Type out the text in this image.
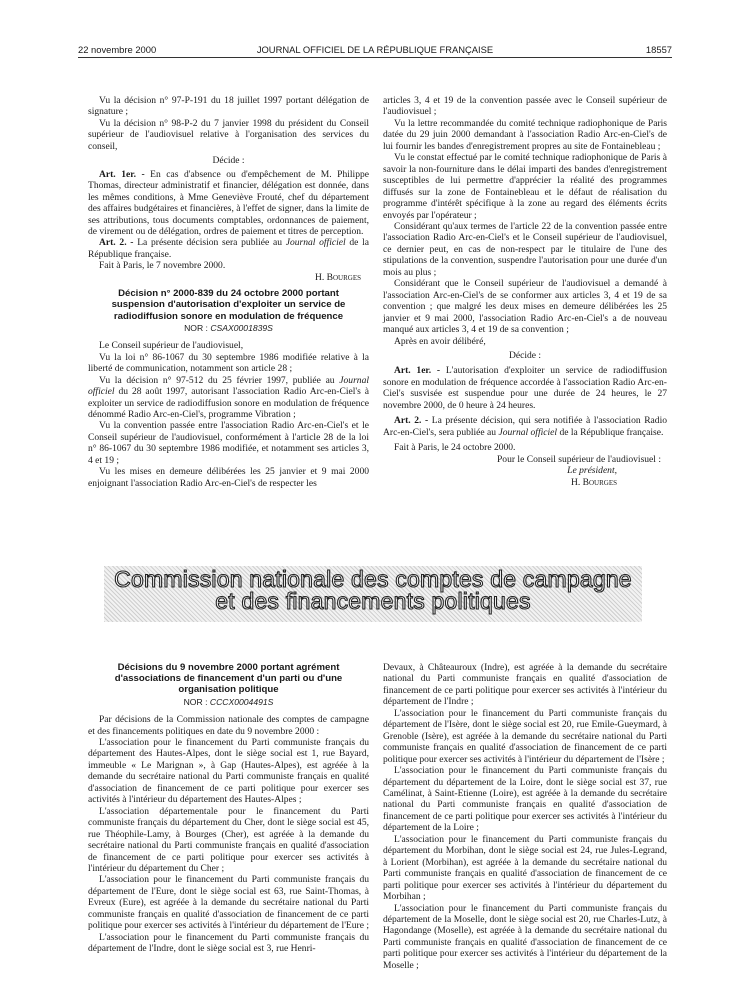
22 novembre 2000	JOURNAL OFFICIEL DE LA RÉPUBLIQUE FRANÇAISE	18557

Vu la décision n° 97-P-191 du 18 juillet 1997 portant délégation de signature ;

Vu la décision n° 98-P-2 du 7 janvier 1998 du président du Conseil supérieur de l'audiovisuel relative à l'organisation des services du conseil,

Décide :

Art. 1er. - En cas d'absence ou d'empêchement de M. Philippe Thomas, directeur administratif et financier, délégation est donnée, dans les mêmes conditions, à Mme Geneviève Frouté, chef du département des affaires budgétaires et financières, à l'effet de signer, dans la limite de ses attributions, tous documents comptables, ordonnances de paiement, de virement ou de délégation, ordres de paiement et titres de perception.

Art. 2. - La présente décision sera publiée au Journal officiel de la République française.

Fait à Paris, le 7 novembre 2000.

H. Bourges
Décision n° 2000-839 du 24 octobre 2000 portant suspension d'autorisation d'exploiter un service de radiodiffusion sonore en modulation de fréquence
NOR : CSAX0001839S

Le Conseil supérieur de l'audiovisuel,

Vu la loi n° 86-1067 du 30 septembre 1986 modifiée relative à la liberté de communication, notamment son article 28 ;

Vu la décision n° 97-512 du 25 février 1997, publiée au Journal officiel du 28 août 1997, autorisant l'association Radio Arc-en-Ciel's à exploiter un service de radiodiffusion sonore en modulation de fréquence dénommé Radio Arc-en-Ciel's, programme Vibration ;

Vu la convention passée entre l'association Radio Arc-en-Ciel's et le Conseil supérieur de l'audiovisuel, conformément à l'article 28 de la loi n° 86-1067 du 30 septembre 1986 modifiée, et notamment ses articles 3, 4 et 19 ;

Vu les mises en demeure délibérées les 25 janvier et 9 mai 2000 enjoignant l'association Radio Arc-en-Ciel's de respecter les

articles 3, 4 et 19 de la convention passée avec le Conseil supérieur de l'audiovisuel ;

Vu la lettre recommandée du comité technique radiophonique de Paris datée du 29 juin 2000 demandant à l'association Radio Arc-en-Ciel's de lui fournir les bandes d'enregistrement propres au site de Fontainebleau ;

Vu le constat effectué par le comité technique radiophonique de Paris à savoir la non-fourniture dans le délai imparti des bandes d'enregistrement susceptibles de lui permettre d'apprécier la réalité des programmes diffusés sur la zone de Fontainebleau et le défaut de réalisation du programme d'intérêt spécifique à la zone au regard des éléments écrits envoyés par l'opérateur ;

Considérant qu'aux termes de l'article 22 de la convention passée entre l'association Radio Arc-en-Ciel's et le Conseil supérieur de l'audiovisuel, ce dernier peut, en cas de non-respect par le titulaire de l'une des stipulations de la convention, suspendre l'autorisation pour une durée d'un mois au plus ;

Considérant que le Conseil supérieur de l'audiovisuel a demandé à l'association Arc-en-Ciel's de se conformer aux articles 3, 4 et 19 de sa convention ; que malgré les deux mises en demeure délibérées les 25 janvier et 9 mai 2000, l'association Radio Arc-en-Ciel's a de nouveau manqué aux articles 3, 4 et 19 de sa convention ;

Après en avoir délibéré,

Décide :

Art. 1er. - L'autorisation d'exploiter un service de radiodiffusion sonore en modulation de fréquence accordée à l'association Radio Arc-en-Ciel's susvisée est suspendue pour une durée de 24 heures, le 27 novembre 2000, de 0 heure à 24 heures.

Art. 2. - La présente décision, qui sera notifiée à l'association Radio Arc-en-Ciel's, sera publiée au Journal officiel de la République française.

Fait à Paris, le 24 octobre 2000.

Pour le Conseil supérieur de l'audiovisuel :
Le président,
H. Bourges
Commission nationale des comptes de campagne
et des financements politiques
Décisions du 9 novembre 2000 portant agrément d'associations de financement d'un parti ou d'une organisation politique
NOR : CCCX0004491S

Par décisions de la Commission nationale des comptes de campagne et des financements politiques en date du 9 novembre 2000 :

L'association pour le financement du Parti communiste français du département des Hautes-Alpes, dont le siège social est 1, rue Bayard, immeuble « Le Marignan », à Gap (Hautes-Alpes), est agréée à la demande du secrétaire national du Parti communiste français en qualité d'association de financement de ce parti politique pour exercer ses activités à l'intérieur du département des Hautes-Alpes ;

L'association départementale pour le financement du Parti communiste français du département du Cher, dont le siège social est 45, rue Théophile-Lamy, à Bourges (Cher), est agréée à la demande du secrétaire national du Parti communiste français en qualité d'association de financement de ce parti politique pour exercer ses activités à l'intérieur du département du Cher ;

L'association pour le financement du Parti communiste français du département de l'Eure, dont le siège social est 63, rue Saint-Thomas, à Evreux (Eure), est agréée à la demande du secrétaire national du Parti communiste français en qualité d'association de financement de ce parti politique pour exercer ses activités à l'intérieur du département de l'Eure ;

L'association pour le financement du Parti communiste français du département de l'Indre, dont le siège social est 3, rue Henri-

Devaux, à Châteauroux (Indre), est agréée à la demande du secrétaire national du Parti communiste français en qualité d'association de financement de ce parti politique pour exercer ses activités à l'intérieur du département de l'Indre ;

L'association pour le financement du Parti communiste français du département de l'Isère, dont le siège social est 20, rue Emile-Gueymard, à Grenoble (Isère), est agréée à la demande du secrétaire national du Parti communiste français en qualité d'association de financement de ce parti politique pour exercer ses activités à l'intérieur du département de l'Isère ;

L'association pour le financement du Parti communiste français du département du département de la Loire, dont le siège social est 37, rue Camélinat, à Saint-Etienne (Loire), est agréée à la demande du secrétaire national du Parti communiste français en qualité d'association de financement de ce parti politique pour exercer ses activités à l'intérieur du département de la Loire ;

L'association pour le financement du Parti communiste français du département du Morbihan, dont le siège social est 24, rue Jules-Legrand, à Lorient (Morbihan), est agréée à la demande du secrétaire national du Parti communiste français en qualité d'association de financement de ce parti politique pour exercer ses activités à l'intérieur du département du Morbihan ;

L'association pour le financement du Parti communiste français du département de la Moselle, dont le siège social est 20, rue Charles-Lutz, à Hagondange (Moselle), est agréée à la demande du secrétaire national du Parti communiste français en qualité d'association de financement de ce parti politique pour exercer ses activités à l'intérieur du département de la Moselle ;
